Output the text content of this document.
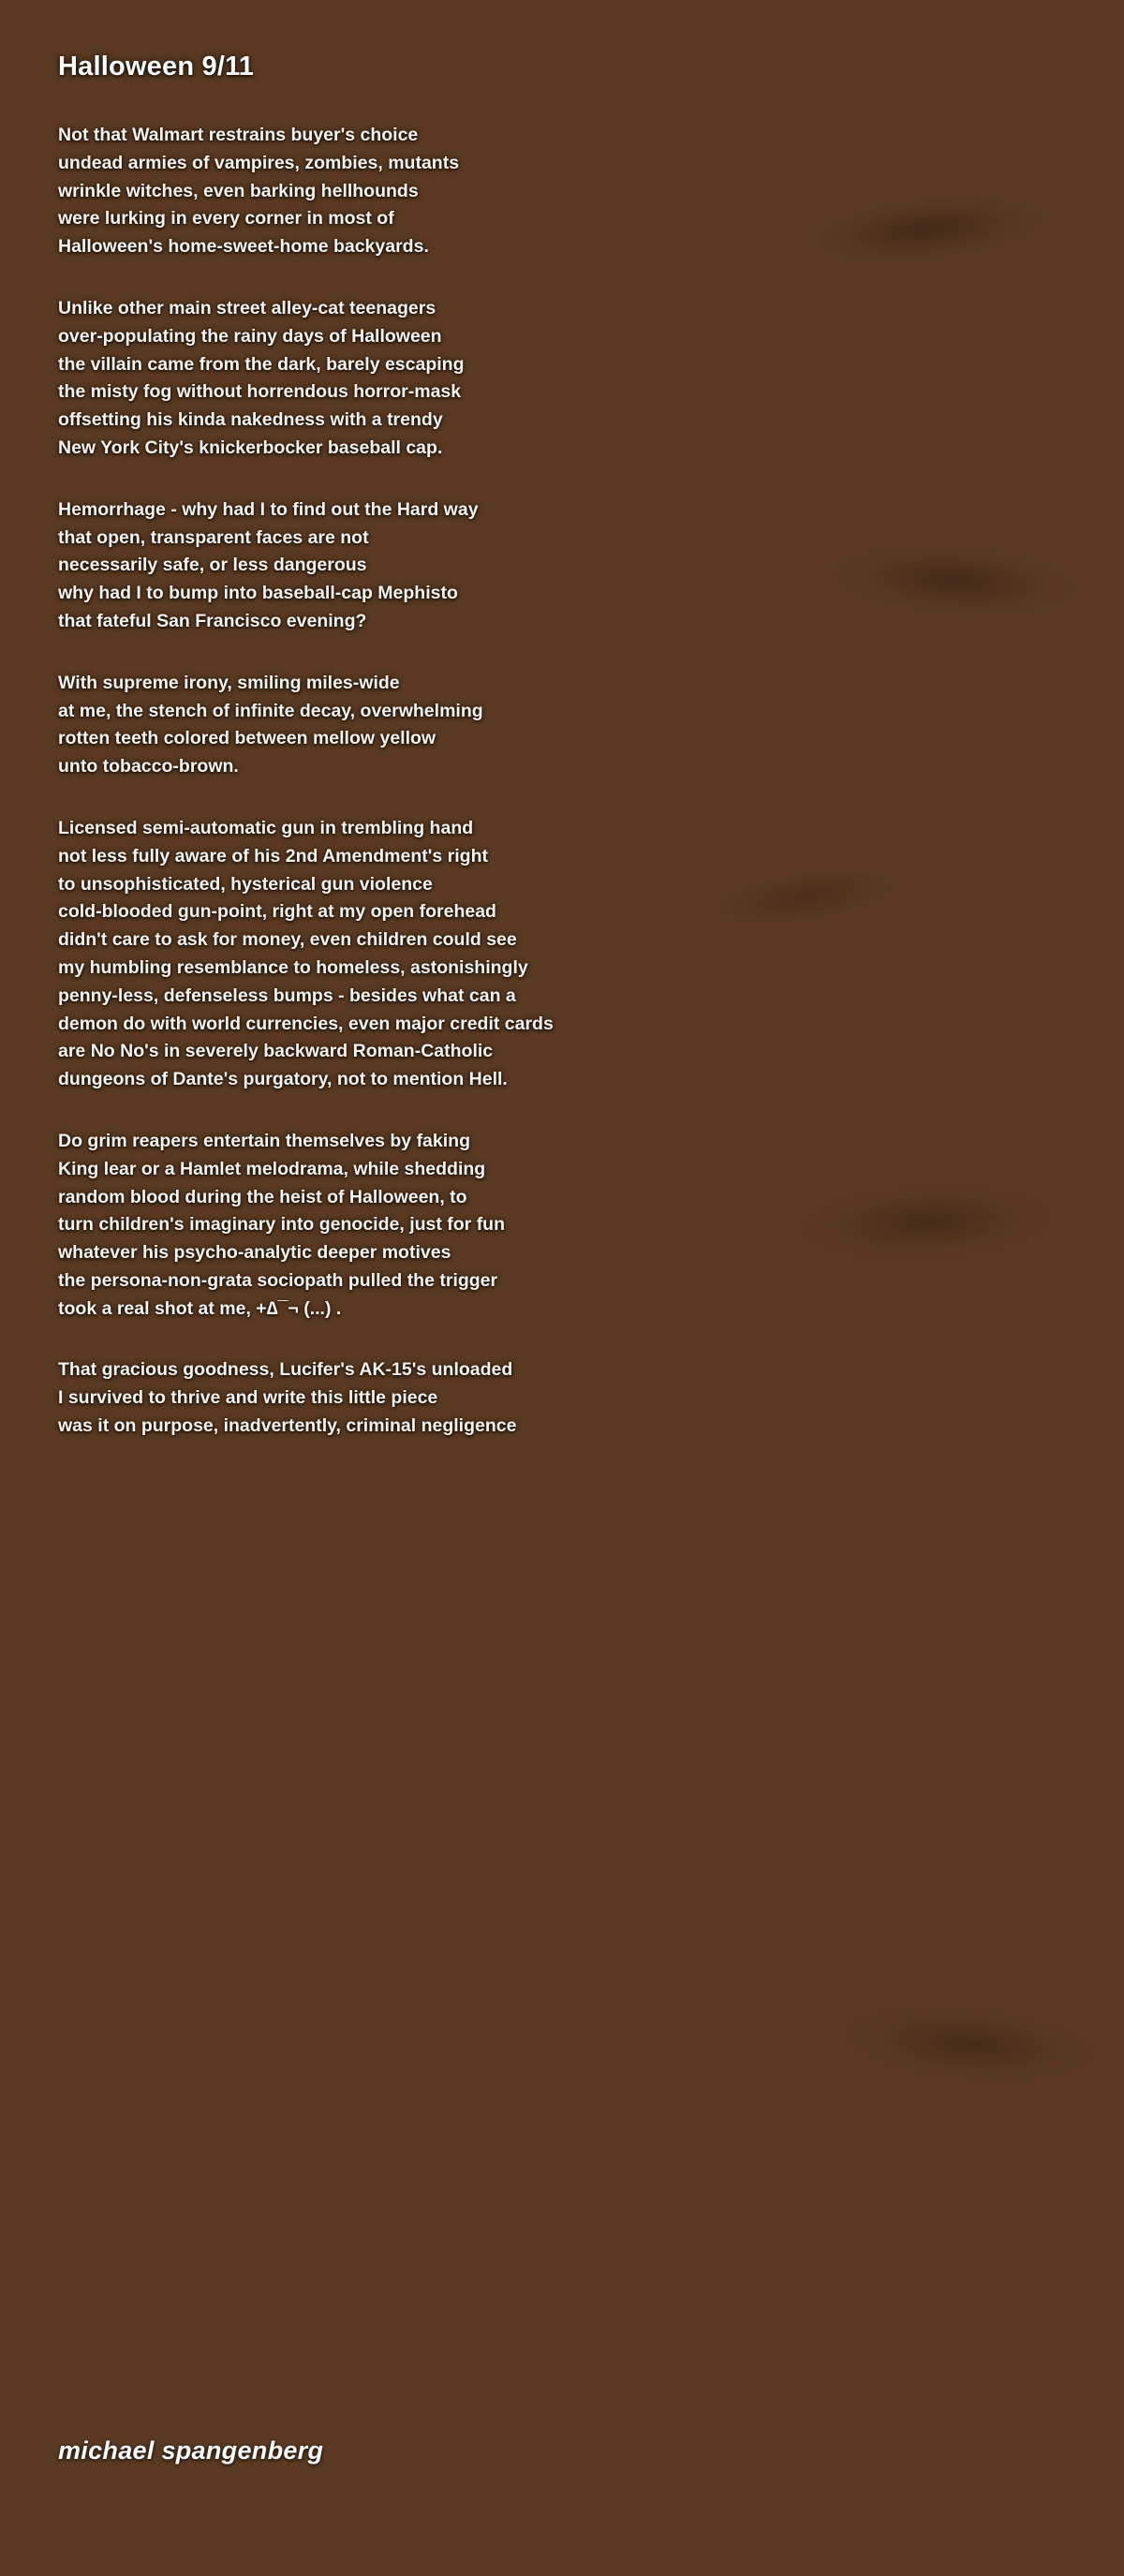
Halloween 9/11
Not that Walmart restrains buyer's choice
undead armies of vampires, zombies, mutants
wrinkle witches, even barking hellhounds
were lurking in every corner in most of
Halloween's home-sweet-home backyards.
Unlike other main street alley-cat teenagers
over-populating the rainy days of Halloween
the villain came from the dark, barely escaping
the misty fog without horrendous horror-mask
offsetting his kinda nakedness with a trendy
New York City's knickerbocker baseball cap.
Hemorrhage - why had I to find out the Hard way
that open, transparent faces are not
necessarily safe, or less dangerous
why had I to bump into baseball-cap Mephisto
that fateful San Francisco evening?
With supreme irony, smiling miles-wide
at me, the stench of infinite decay, overwhelming
rotten teeth colored between mellow yellow
unto tobacco-brown.
Licensed semi-automatic gun in trembling hand
not less fully aware of his 2nd Amendment's right
to unsophisticated, hysterical gun violence
cold-blooded gun-point, right at my open forehead
didn't care to ask for money, even children could see
my humbling resemblance to homeless, astonishingly
penny-less, defenseless bumps - besides what can a
demon do with world currencies, even major credit cards
are No No's in severely backward Roman-Catholic
dungeons of Dante's purgatory, not to mention Hell.
Do grim reapers entertain themselves by faking
King lear or a Hamlet melodrama, while shedding
random blood during the heist of Halloween, to
turn children's imaginary into genocide, just for fun
whatever his psycho-analytic deeper motives
the persona-non-grata sociopath pulled the trigger
took a real shot at me, +∆¯¬ (...) .
That gracious goodness, Lucifer's AK-15's unloaded
I survived to thrive and write this little piece
was it on purpose, inadvertently, criminal negligence
michael spangenberg
